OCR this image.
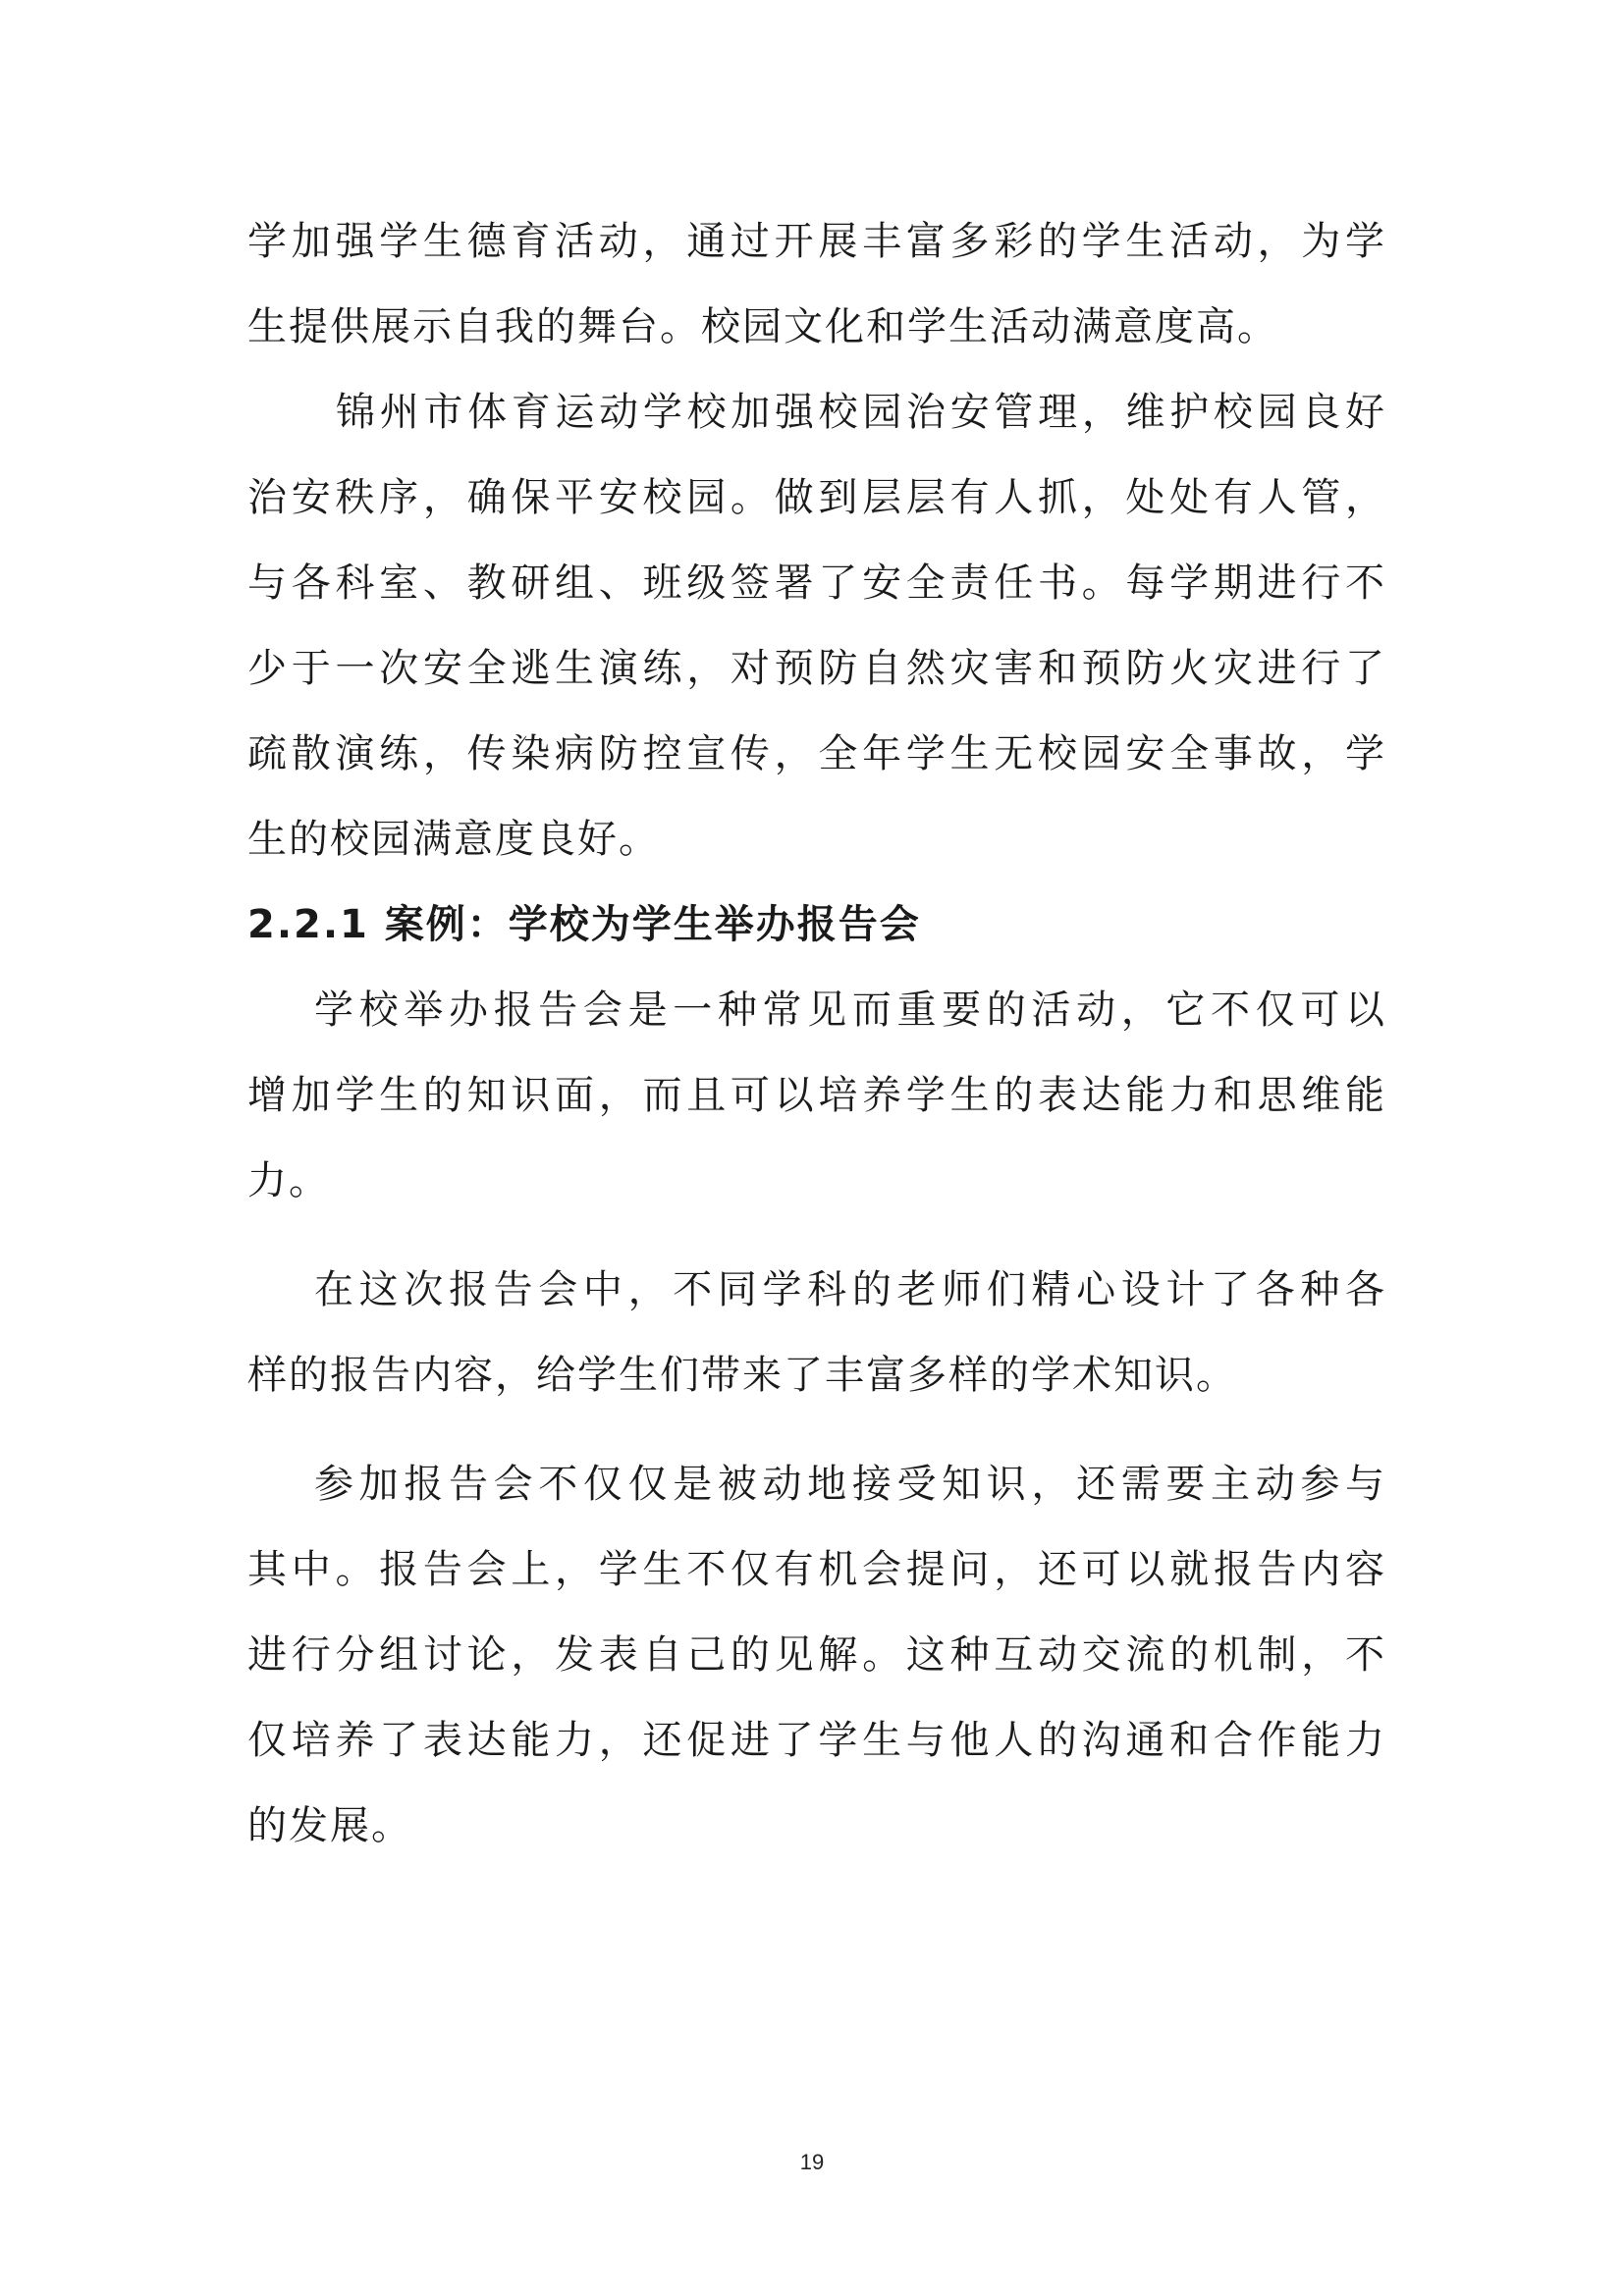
学加强学生德育活动，通过开展丰富多彩的学生活动，为学
生提供展示自我的舞台。校园文化和学生活动满意度高。
锦州市体育运动学校加强校园治安管理，维护校园良好
治安秩序，确保平安校园。做到层层有人抓，处处有人管，
与各科室、教研组、班级签署了安全责任书。每学期进行不
少于一次安全逃生演练，对预防自然灾害和预防火灾进行了
疏散演练，传染病防控宣传，全年学生无校园安全事故，学
生的校园满意度良好。
2.2.1 案例：学校为学生举办报告会
学校举办报告会是一种常见而重要的活动，它不仅可以
增加学生的知识面，而且可以培养学生的表达能力和思维能
力。
在这次报告会中，不同学科的老师们精心设计了各种各
样的报告内容，给学生们带来了丰富多样的学术知识。
参加报告会不仅仅是被动地接受知识，还需要主动参与
其中。报告会上，学生不仅有机会提问，还可以就报告内容
进行分组讨论，发表自己的见解。这种互动交流的机制，不
仅培养了表达能力，还促进了学生与他人的沟通和合作能力
的发展。
19
